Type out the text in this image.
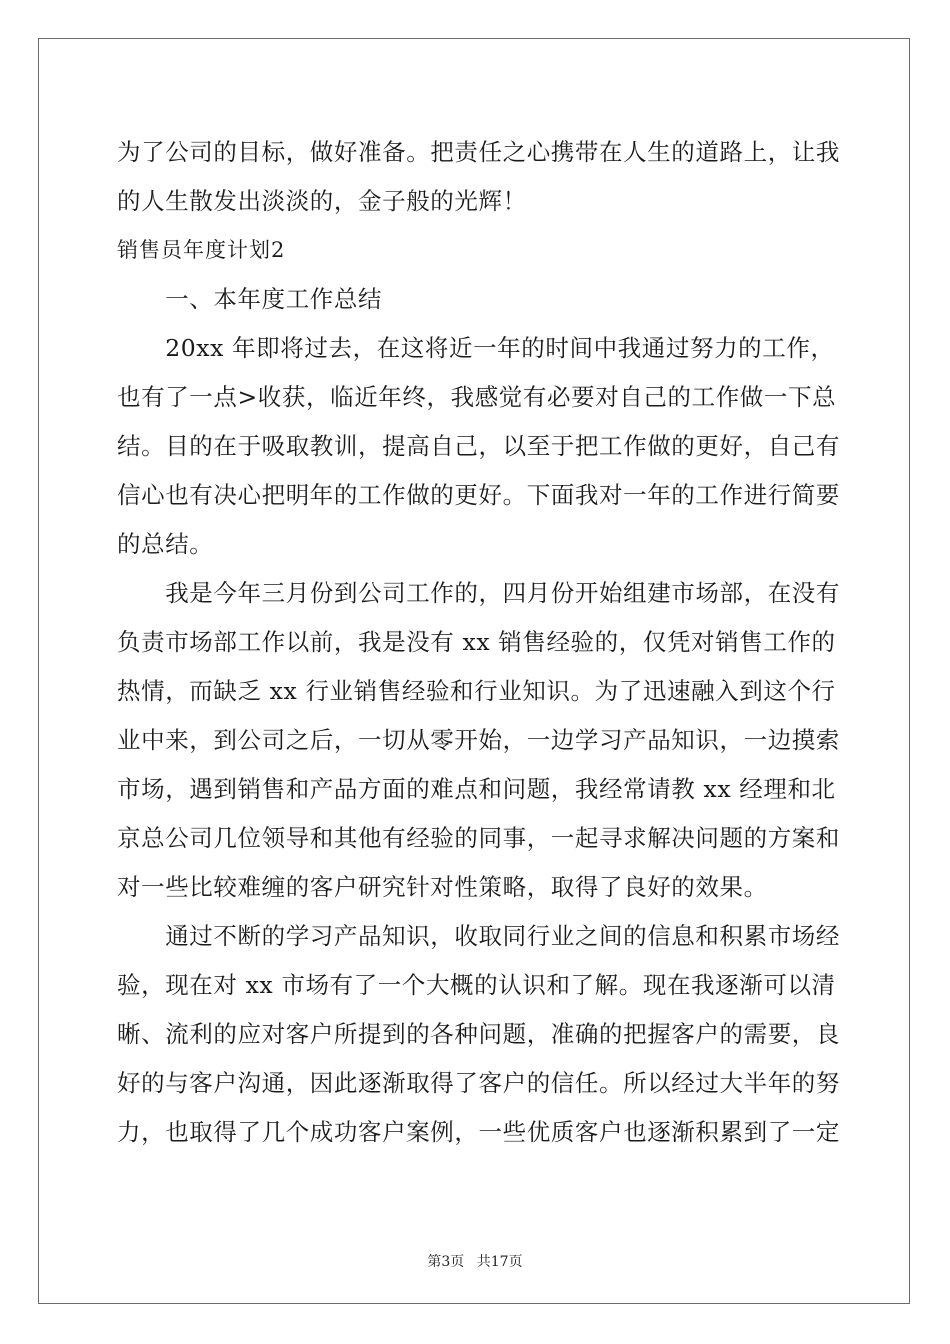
为了公司的目标，做好准备。把责任之心携带在人生的道路上，让我
的人生散发出淡淡的，金子般的光辉！
销售员年度计划2
　　一、本年度工作总结
　　20xx 年即将过去，在这将近一年的时间中我通过努力的工作，
也有了一点>收获，临近年终，我感觉有必要对自己的工作做一下总
结。目的在于吸取教训，提高自己，以至于把工作做的更好，自己有
信心也有决心把明年的工作做的更好。下面我对一年的工作进行简要
的总结。
　　我是今年三月份到公司工作的，四月份开始组建市场部，在没有
负责市场部工作以前，我是没有 xx 销售经验的，仅凭对销售工作的
热情，而缺乏 xx 行业销售经验和行业知识。为了迅速融入到这个行
业中来，到公司之后，一切从零开始，一边学习产品知识，一边摸索
市场，遇到销售和产品方面的难点和问题，我经常请教 xx 经理和北
京总公司几位领导和其他有经验的同事，一起寻求解决问题的方案和
对一些比较难缠的客户研究针对性策略，取得了良好的效果。
　　通过不断的学习产品知识，收取同行业之间的信息和积累市场经
验，现在对 xx 市场有了一个大概的认识和了解。现在我逐渐可以清
晰、流利的应对客户所提到的各种问题，准确的把握客户的需要，良
好的与客户沟通，因此逐渐取得了客户的信任。所以经过大半年的努
力，也取得了几个成功客户案例，一些优质客户也逐渐积累到了一定
第3页 共17页
